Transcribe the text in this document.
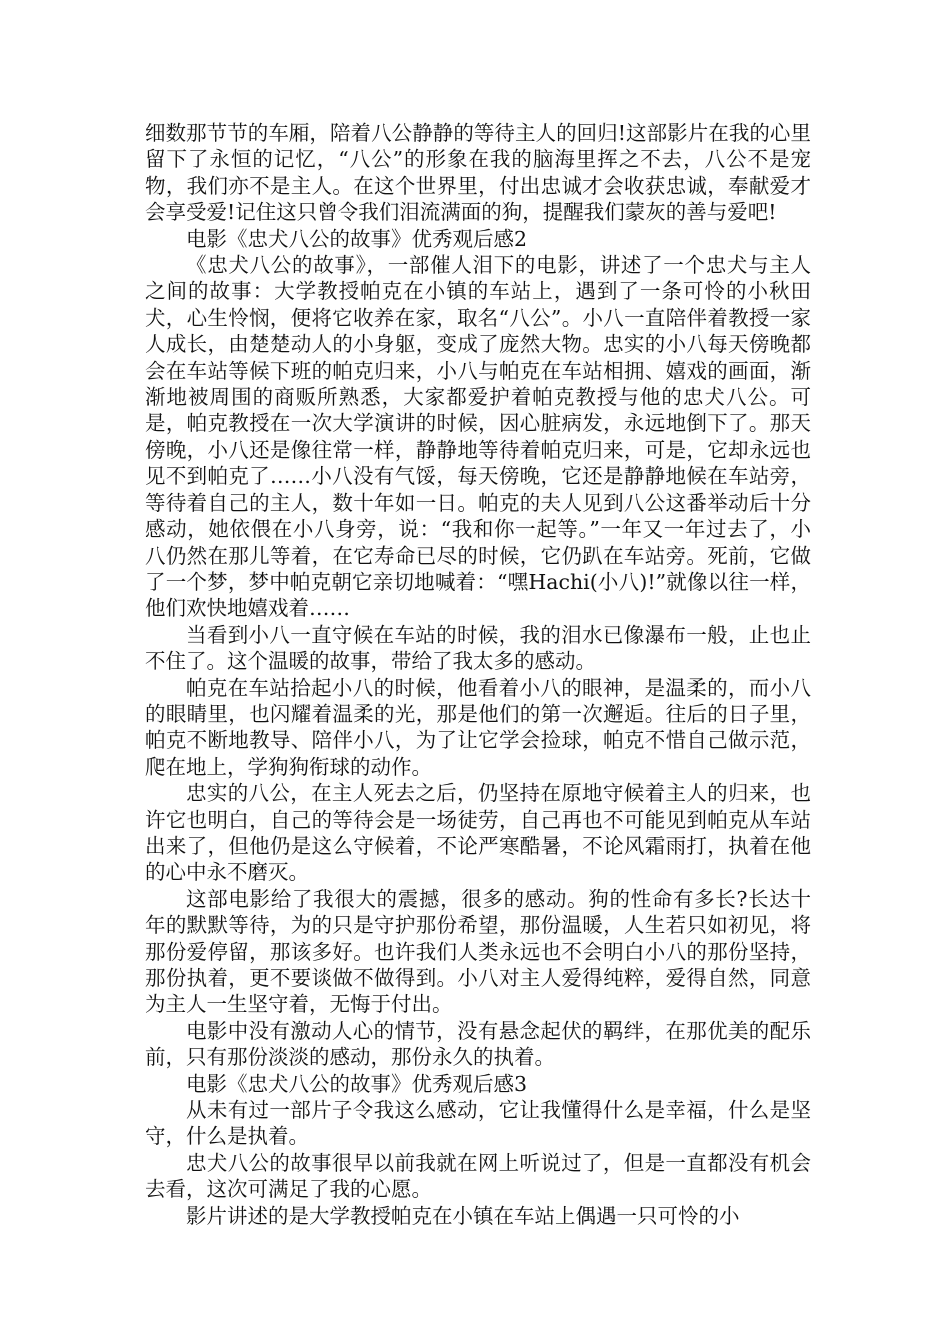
细数那节节的车厢，陪着八公静静的等待主人的回归!这部影片在我的心里留下了永恒的记忆，“八公”的形象在我的脑海里挥之不去，八公不是宠物，我们亦不是主人。在这个世界里，付出忠诚才会收获忠诚，奉献爱才会享受爱!记住这只曾令我们泪流满面的狗，提醒我们蒙灰的善与爱吧!

电影《忠犬八公的故事》优秀观后感2

《忠犬八公的故事》，一部催人泪下的电影，讲述了一个忠犬与主人之间的故事：大学教授帕克在小镇的车站上，遇到了一条可怜的小秋田犬，心生怜悯，便将它收养在家，取名“八公”。小八一直陪伴着教授一家人成长，由楚楚动人的小身躯，变成了庞然大物。忠实的小八每天傍晚都会在车站等候下班的帕克归来，小八与帕克在车站相拥、嬉戏的画面，渐渐地被周围的商贩所熟悉，大家都爱护着帕克教授与他的忠犬八公。可是，帕克教授在一次大学演讲的时候，因心脏病发，永远地倒下了。那天傍晚，小八还是像往常一样，静静地等待着帕克归来，可是，它却永远也见不到帕克了……小八没有气馁，每天傍晚，它还是静静地候在车站旁，等待着自己的主人，数十年如一日。帕克的夫人见到八公这番举动后十分感动，她依偎在小八身旁，说：“我和你一起等。”一年又一年过去了，小八仍然在那儿等着，在它寿命已尽的时候，它仍趴在车站旁。死前，它做了一个梦，梦中帕克朝它亲切地喊着：“嘿Hachi(小八)!”就像以往一样，他们欢快地嬉戏着……

当看到小八一直守候在车站的时候，我的泪水已像瀑布一般，止也止不住了。这个温暖的故事，带给了我太多的感动。

帕克在车站拾起小八的时候，他看着小八的眼神，是温柔的，而小八的眼睛里，也闪耀着温柔的光，那是他们的第一次邂逅。往后的日子里，帕克不断地教导、陪伴小八，为了让它学会捡球，帕克不惜自己做示范，爬在地上，学狗狗衔球的动作。

忠实的八公，在主人死去之后，仍坚持在原地守候着主人的归来，也许它也明白，自己的等待会是一场徒劳，自己再也不可能见到帕克从车站出来了，但他仍是这么守候着，不论严寒酷暑，不论风霜雨打，执着在他的心中永不磨灭。

这部电影给了我很大的震撼，很多的感动。狗的性命有多长?长达十年的默默等待，为的只是守护那份希望，那份温暖，人生若只如初见，将那份爱停留，那该多好。也许我们人类永远也不会明白小八的那份坚持，那份执着，更不要谈做不做得到。小八对主人爱得纯粹，爱得自然，同意为主人一生坚守着，无悔于付出。

电影中没有激动人心的情节，没有悬念起伏的羁绊，在那优美的配乐前，只有那份淡淡的感动，那份永久的执着。

电影《忠犬八公的故事》优秀观后感3

从未有过一部片子令我这么感动，它让我懂得什么是幸福，什么是坚守，什么是执着。

忠犬八公的故事很早以前我就在网上听说过了，但是一直都没有机会去看，这次可满足了我的心愿。

影片讲述的是大学教授帕克在小镇在车站上偶遇一只可怜的小
